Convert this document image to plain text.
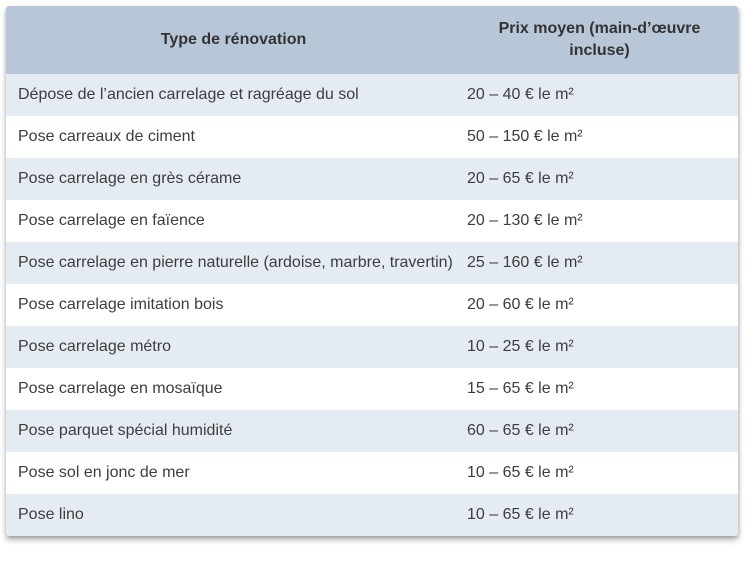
Type de rénovation	Prix moyen (main-d’œuvre incluse)
Dépose de l’ancien carrelage et ragréage du sol	20 – 40 € le m²
Pose carreaux de ciment	50 – 150 € le m²
Pose carrelage en grès cérame	20 – 65 € le m²
Pose carrelage en faïence	20 – 130 € le m²
Pose carrelage en pierre naturelle (ardoise, marbre, travertin)	25 – 160 € le m²
Pose carrelage imitation bois	20 – 60 € le m²
Pose carrelage métro	10 – 25 € le m²
Pose carrelage en mosaïque	15 – 65 € le m²
Pose parquet spécial humidité	60 – 65 € le m²
Pose sol en jonc de mer	10 – 65 € le m²
Pose lino	10 – 65 € le m²
